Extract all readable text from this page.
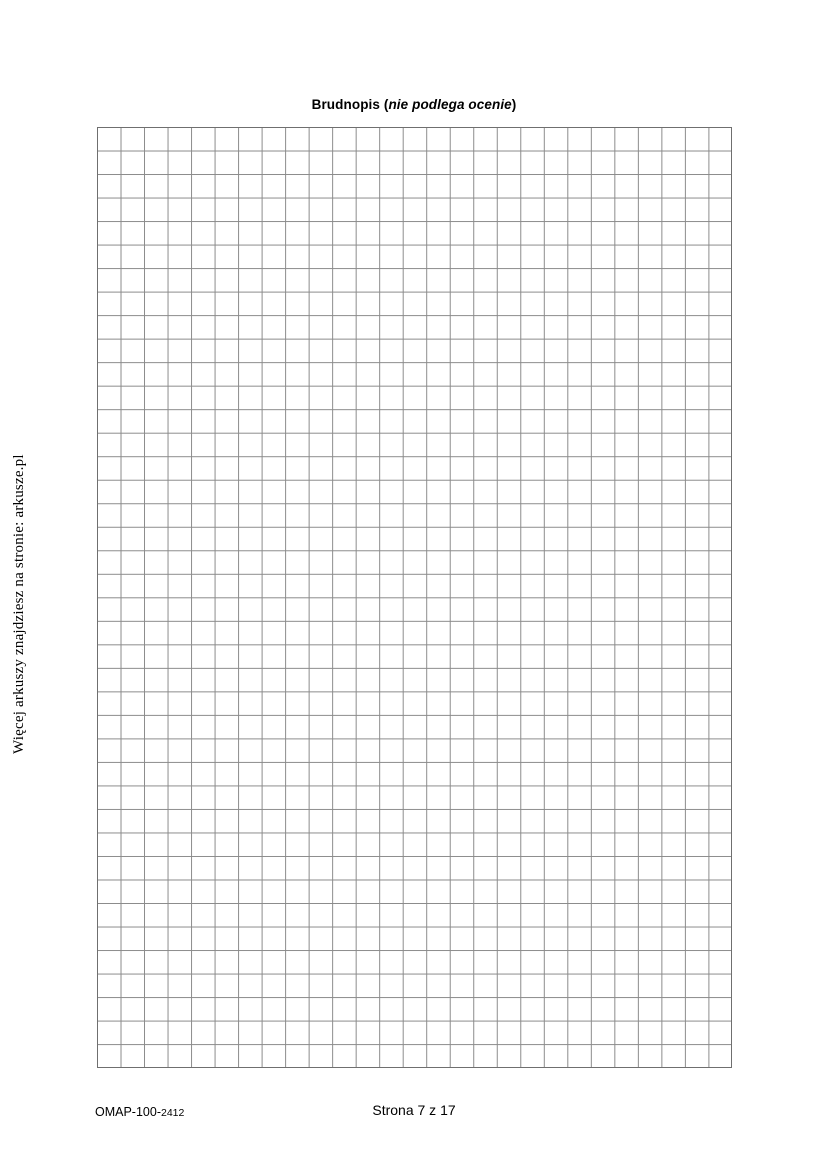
Brudnopis (nie podlega ocenie)
Więcej arkuszy znajdziesz na stronie: arkusze.pl
OMAP-100-2412	Strona 7 z 17
